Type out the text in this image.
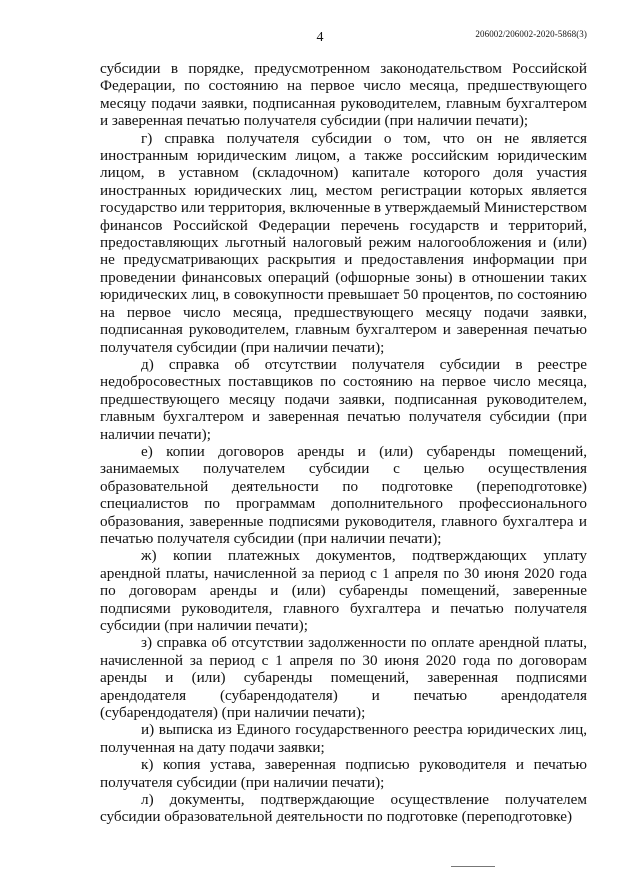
4	206002/206002-2020-5868(3)

субсидии в порядке, предусмотренном законодательством Российской Федерации, по состоянию на первое число месяца, предшествующего месяцу подачи заявки, подписанная руководителем, главным бухгалтером и заверенная печатью получателя субсидии (при наличии печати);

г) справка получателя субсидии о том, что он не является иностранным юридическим лицом, а также российским юридическим лицом, в уставном (складочном) капитале которого доля участия иностранных юридических лиц, местом регистрации которых является государство или территория, включенные в утверждаемый Министерством финансов Российской Федерации перечень государств и территорий, предоставляющих льготный налоговый режим налогообложения и (или) не предусматривающих раскрытия и предоставления информации при проведении финансовых операций (офшорные зоны) в отношении таких юридических лиц, в совокупности превышает 50 процентов, по состоянию на первое число месяца, предшествующего месяцу подачи заявки, подписанная руководителем, главным бухгалтером и заверенная печатью получателя субсидии (при наличии печати);

д) справка об отсутствии получателя субсидии в реестре недобросовестных поставщиков по состоянию на первое число месяца, предшествующего месяцу подачи заявки, подписанная руководителем, главным бухгалтером и заверенная печатью получателя субсидии (при наличии печати);

е) копии договоров аренды и (или) субаренды помещений, занимаемых получателем субсидии с целью осуществления образовательной деятельности по подготовке (переподготовке) специалистов по программам дополнительного профессионального образования, заверенные подписями руководителя, главного бухгалтера и печатью получателя субсидии (при наличии печати);

ж) копии платежных документов, подтверждающих уплату арендной платы, начисленной за период с 1 апреля по 30 июня 2020 года по договорам аренды и (или) субаренды помещений, заверенные подписями руководителя, главного бухгалтера и печатью получателя субсидии (при наличии печати);

з) справка об отсутствии задолженности по оплате арендной платы, начисленной за период с 1 апреля по 30 июня 2020 года по договорам аренды и (или) субаренды помещений, заверенная подписями арендодателя (субарендодателя) и печатью арендодателя (субарендодателя) (при наличии печати);

и) выписка из Единого государственного реестра юридических лиц, полученная на дату подачи заявки;

к) копия устава, заверенная подписью руководителя и печатью получателя субсидии (при наличии печати);

л) документы, подтверждающие осуществление получателем субсидии образовательной деятельности по подготовке (переподготовке)
